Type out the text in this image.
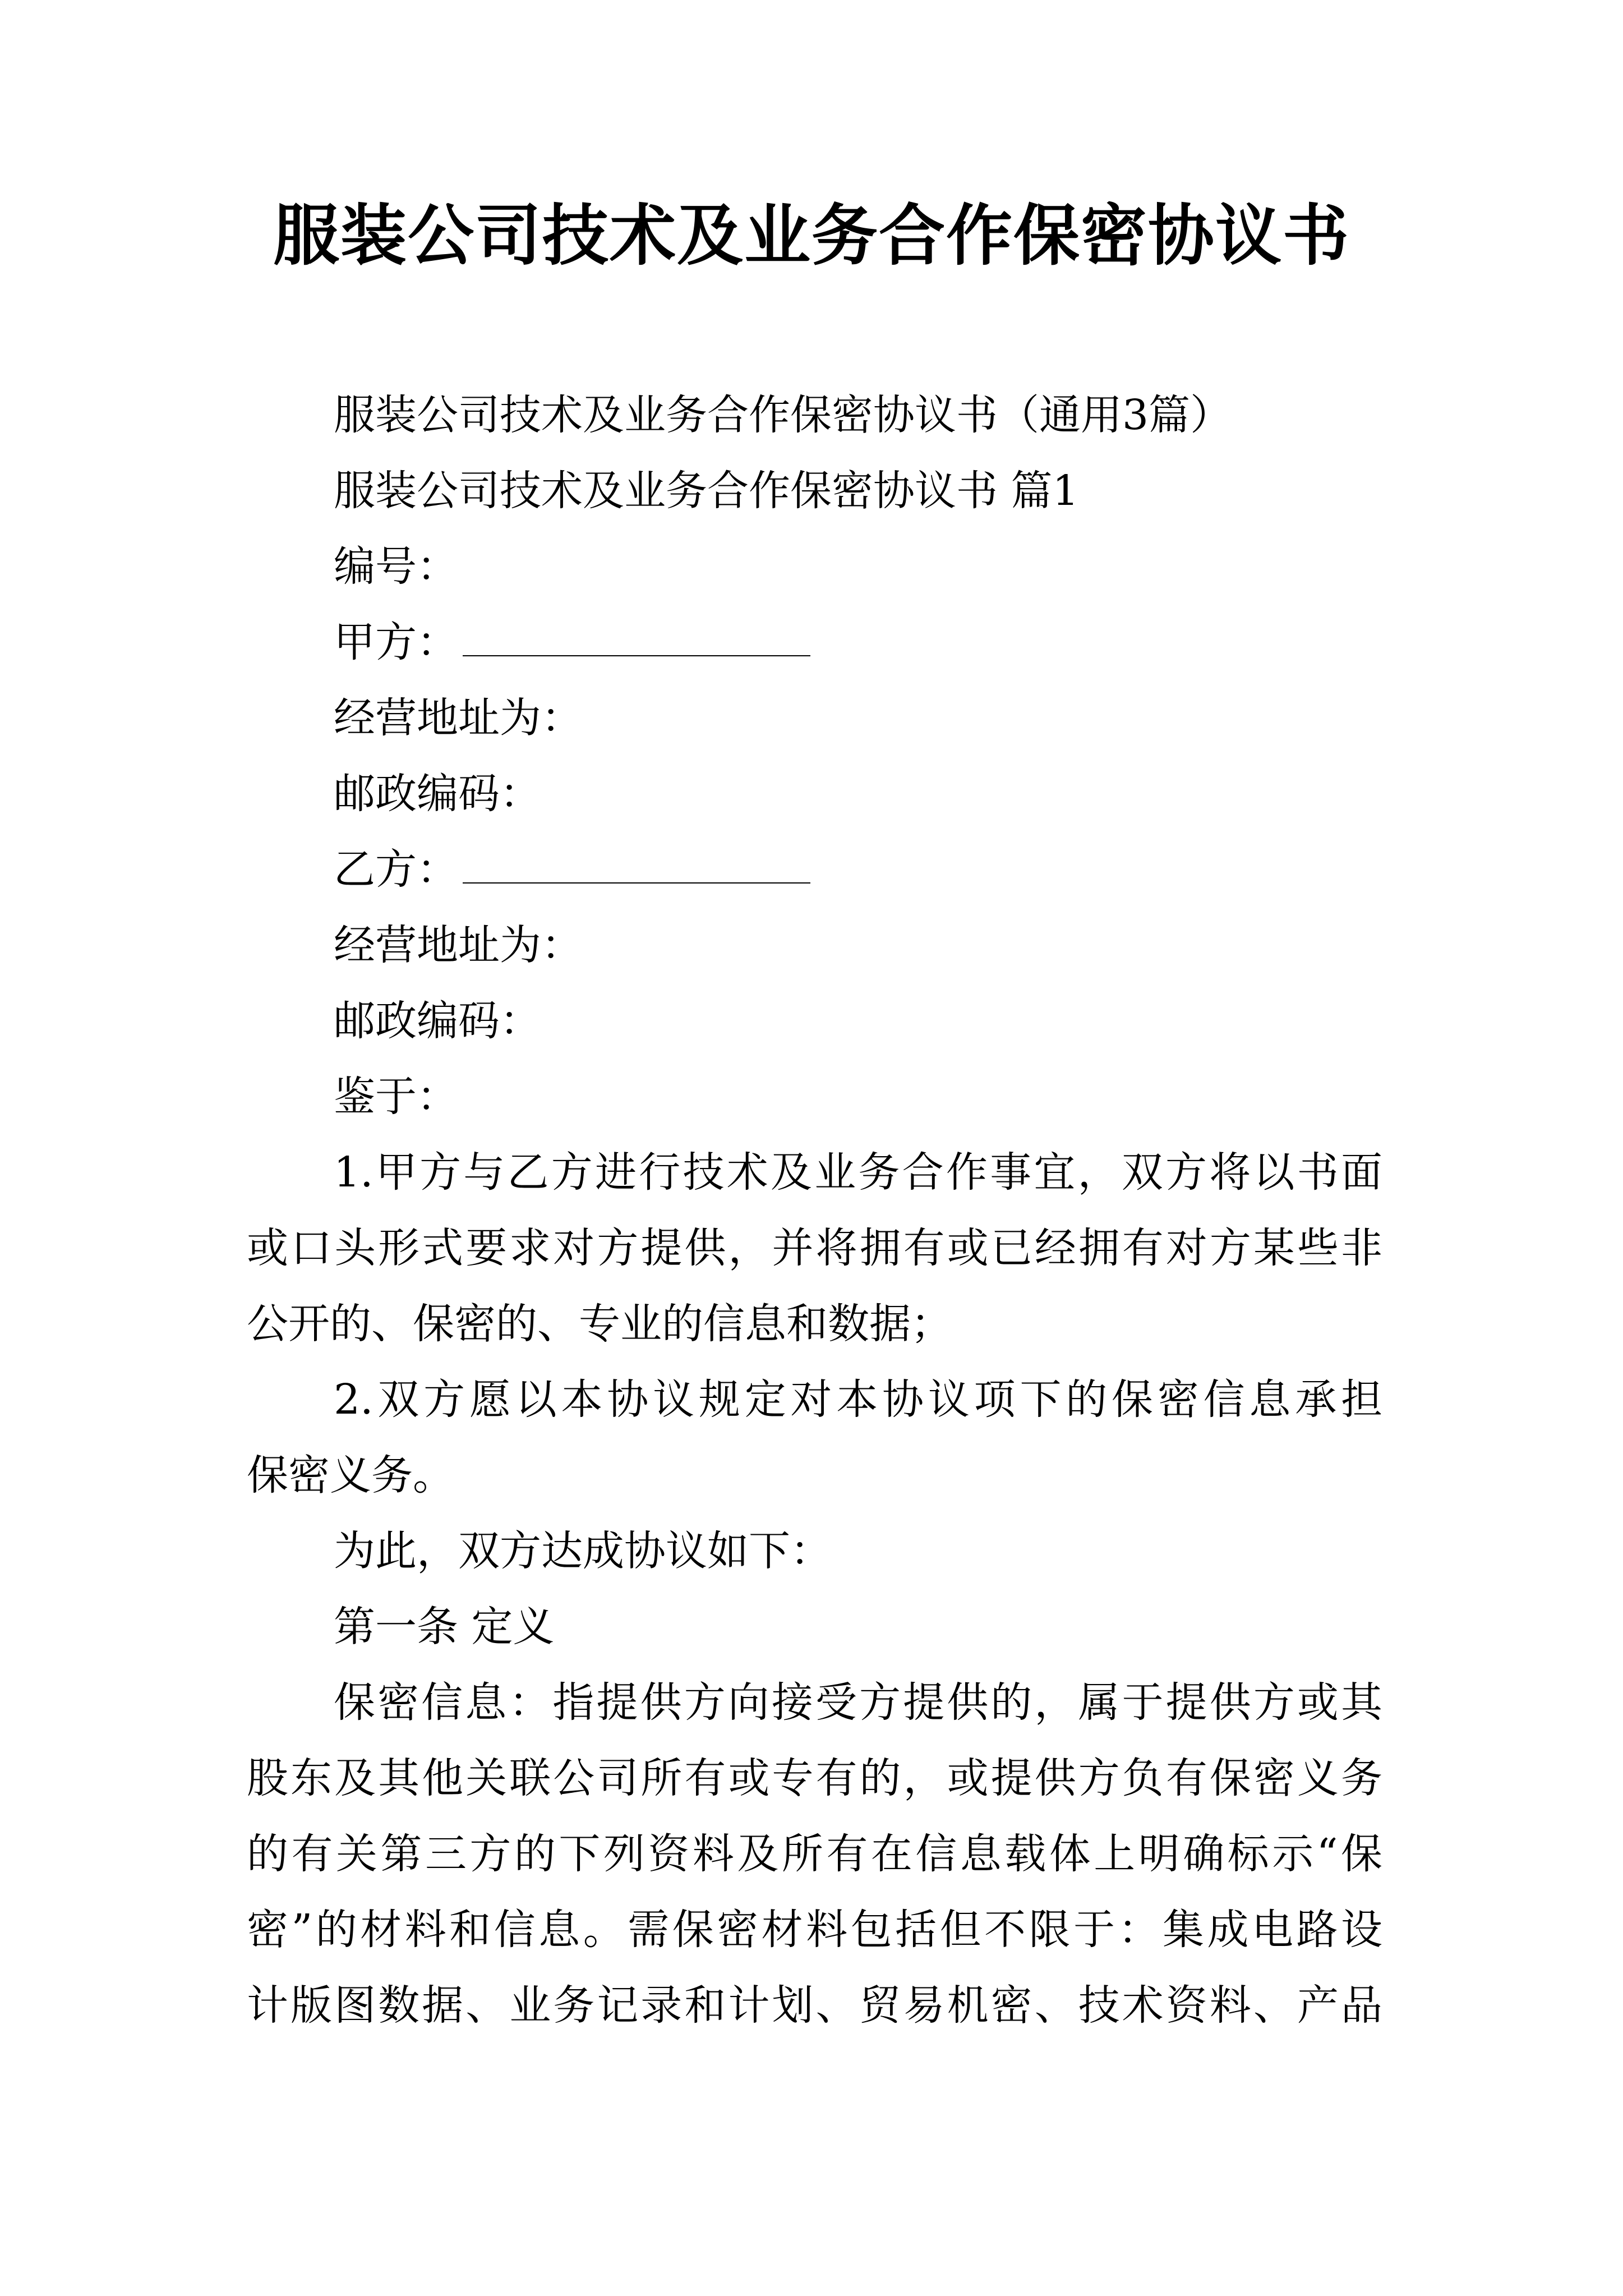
服装公司技术及业务合作保密协议书
服装公司技术及业务合作保密协议书（通用3篇）
服装公司技术及业务合作保密协议书 篇1
编号：
甲方：
经营地址为：
邮政编码：
乙方：
经营地址为：
邮政编码：
鉴于：
1.甲方与乙方进行技术及业务合作事宜，双方将以书面
或口头形式要求对方提供，并将拥有或已经拥有对方某些非
公开的、保密的、专业的信息和数据；
2.双方愿以本协议规定对本协议项下的保密信息承担
保密义务。
为此，双方达成协议如下：
第一条 定义
保密信息：指提供方向接受方提供的，属于提供方或其
股东及其他关联公司所有或专有的，或提供方负有保密义务
的有关第三方的下列资料及所有在信息载体上明确标示“保
密”的材料和信息。需保密材料包括但不限于：集成电路设
计版图数据、业务记录和计划、贸易机密、技术资料、产品
